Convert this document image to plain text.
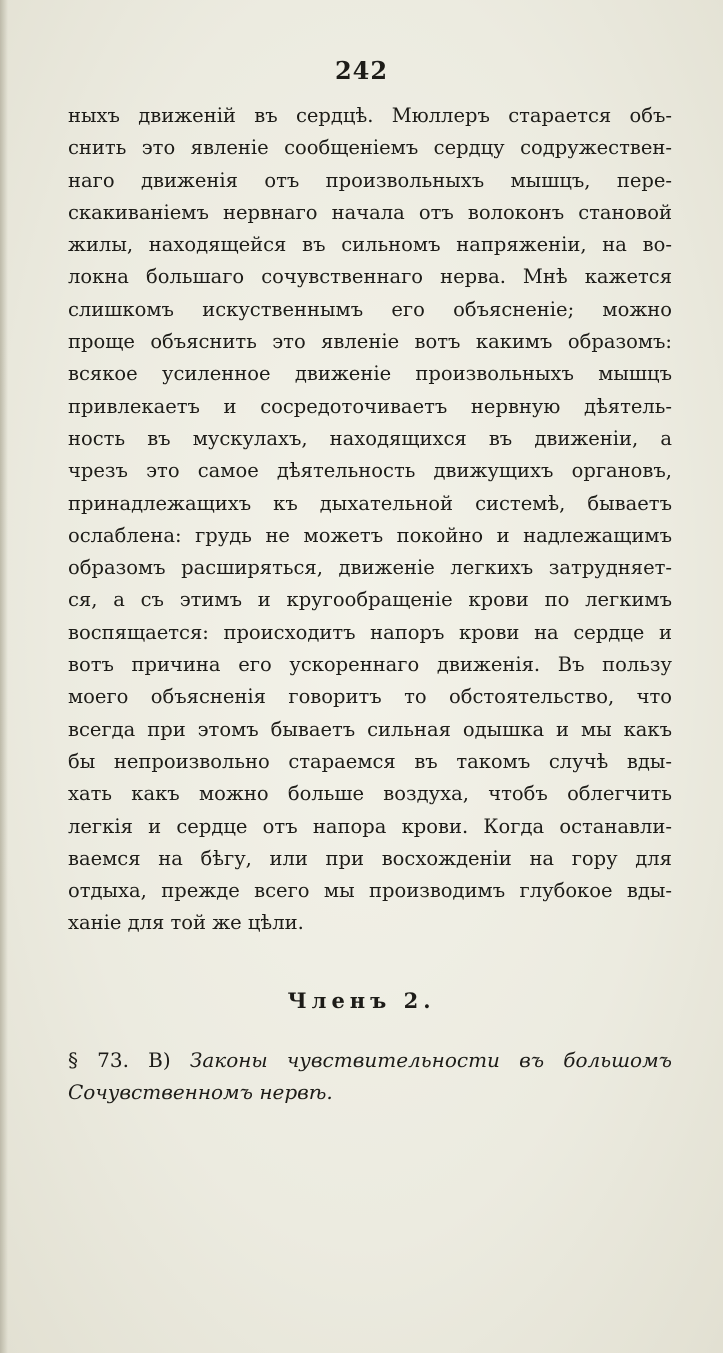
242
ныхъ движенiй въ сердцѣ. Мюллеръ старается объ-
снить это явленiе сообщенiемъ сердцу содружествен-
наго движенiя отъ произвольныхъ мышцъ, пере-
скакиванiемъ нервнаго начала отъ волоконъ становой
жилы, находящейся въ сильномъ напряженiи, на во-
локна большаго сочувственнаго нерва. Мнѣ кажется
слишкомъ искуственнымъ его объясненiе; можно
проще объяснить это явленiе вотъ какимъ образомъ:
всякое усиленное движенiе произвольныхъ мышцъ
привлекаетъ и сосредоточиваетъ нервную дѣятель-
ность въ мускулахъ, находящихся въ движенiи, а
чрезъ это самое дѣятельность движущихъ органовъ,
принадлежащихъ къ дыхательной системѣ, бываетъ
ослаблена: грудь не можетъ покойно и надлежащимъ
образомъ расширяться, движенiе легкихъ затрудняет-
ся, а съ этимъ и кругообращенiе крови по легкимъ
воспящается: происходитъ напоръ крови на сердце и
вотъ причина его ускореннаго движенiя. Въ пользу
моего объясненiя говоритъ то обстоятельство, что
всегда при этомъ бываетъ сильная одышка и мы какъ
бы непроизвольно стараемся въ такомъ случѣ вды-
хать какъ можно больше воздуха, чтобъ облегчить
легкiя и сердце отъ напора крови. Когда останавли-
ваемся на бѣгу, или при восхожденiи на гору для
отдыха, прежде всего мы производимъ глубокое вды-
ханiе для той же цѣли.
Членъ 2.
§ 73. В) Законы чувствительности въ большомъ
Сочувственномъ нервѣ.
